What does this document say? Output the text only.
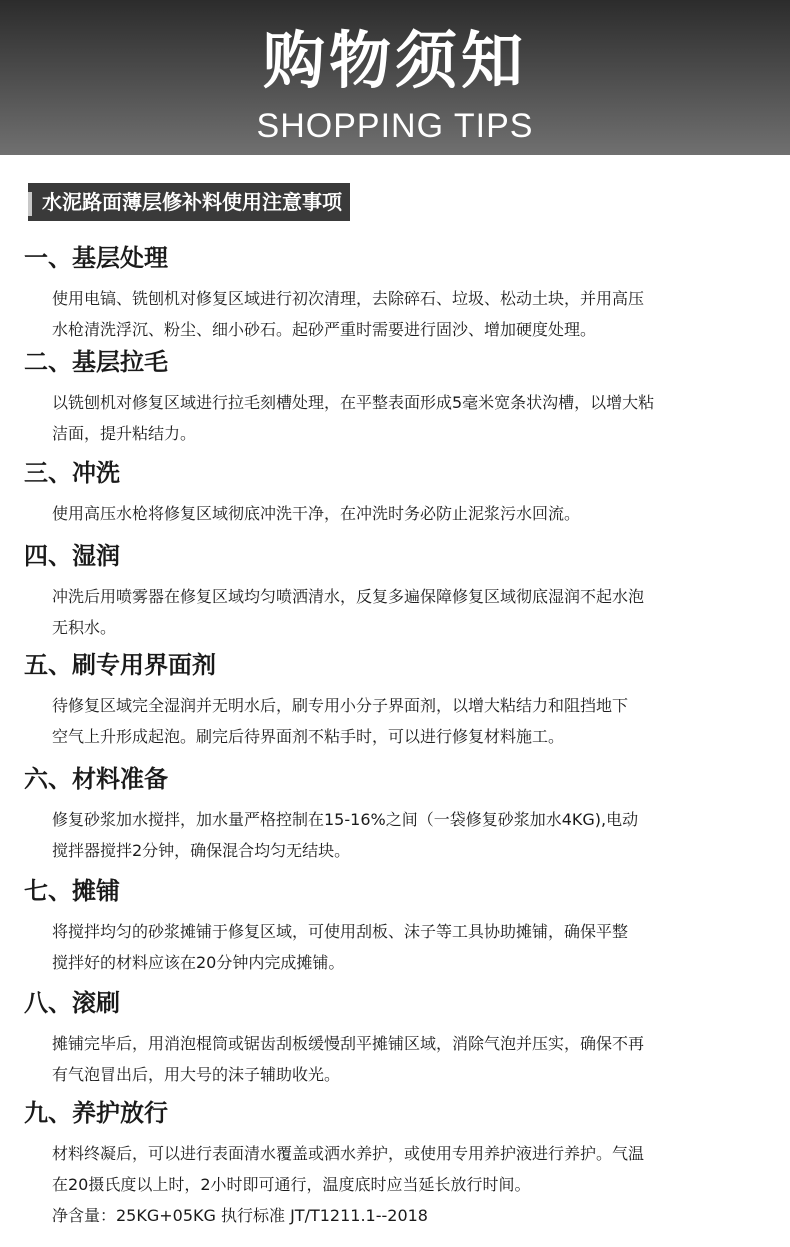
购物须知
SHOPPING TIPS
水泥路面薄层修补料使用注意事项
一、基层处理
使用电镐、铣刨机对修复区域进行初次清理，去除碎石、垃圾、松动土块，并用高压
水枪清洗浮沉、粉尘、细小砂石。起砂严重时需要进行固沙、增加硬度处理。
二、基层拉毛
以铣刨机对修复区域进行拉毛刻槽处理，在平整表面形成5毫米宽条状沟槽，以增大粘
洁面，提升粘结力。
三、冲洗
使用高压水枪将修复区域彻底冲洗干净，在冲洗时务必防止泥浆污水回流。
四、湿润
冲洗后用喷雾器在修复区域均匀喷洒清水，反复多遍保障修复区域彻底湿润不起水泡
无积水。
五、刷专用界面剂
待修复区域完全湿润并无明水后，刷专用小分子界面剂，以增大粘结力和阻挡地下
空气上升形成起泡。刷完后待界面剂不粘手时，可以进行修复材料施工。
六、材料准备
修复砂浆加水搅拌，加水量严格控制在15-16%之间（一袋修复砂浆加水4KG),电动
搅拌器搅拌2分钟，确保混合均匀无结块。
七、摊铺
将搅拌均匀的砂浆摊铺于修复区域，可使用刮板、沫子等工具协助摊铺，确保平整
搅拌好的材料应该在20分钟内完成摊铺。
八、滚刷
摊铺完毕后，用消泡棍筒或锯齿刮板缓慢刮平摊铺区域，消除气泡并压实，确保不再
有气泡冒出后，用大号的沫子辅助收光。
九、养护放行
材料终凝后，可以进行表面清水覆盖或洒水养护，或使用专用养护液进行养护。气温
在20摄氏度以上时，2小时即可通行，温度底时应当延长放行时间。
净含量：25KG+05KG 执行标准 JT/T1211.1--2018
